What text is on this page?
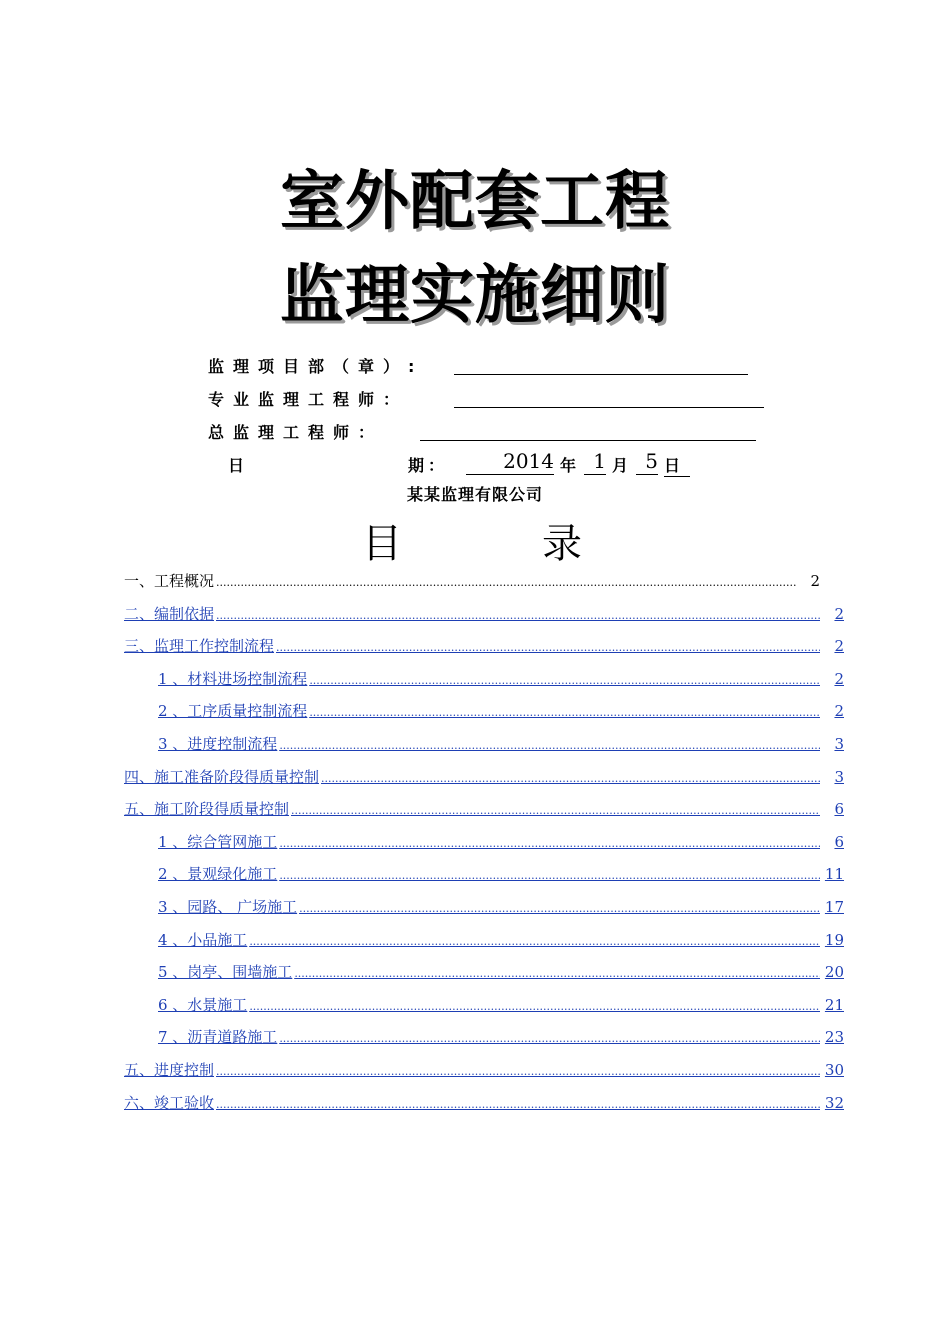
室外配套工程
监理实施细则
监理项目部（章）:
专业监理工程师：
总监理工程师：
日	期：	2014 年 1 月 5 日
某某监理有限公司
目	录
一、工程概况 .....	2
二、编制依据 .....	2
三、监理工作控制流程 .....	2
1 、材料进场控制流程 .....	2
2 、工序质量控制流程 .....	2
3 、进度控制流程 .....	3
四、施工准备阶段得质量控制 .....	3
五、施工阶段得质量控制 .....	6
1 、综合管网施工 .....	6
2 、景观绿化施工 .....	11
3 、园路、 广场施工 .....	17
4 、小品施工 .....	19
5 、岗亭、围墙施工 .....	20
6 、水景施工 .....	21
7 、沥青道路施工 .....	23
五、进度控制 .....	30
六、竣工验收 .....	32
